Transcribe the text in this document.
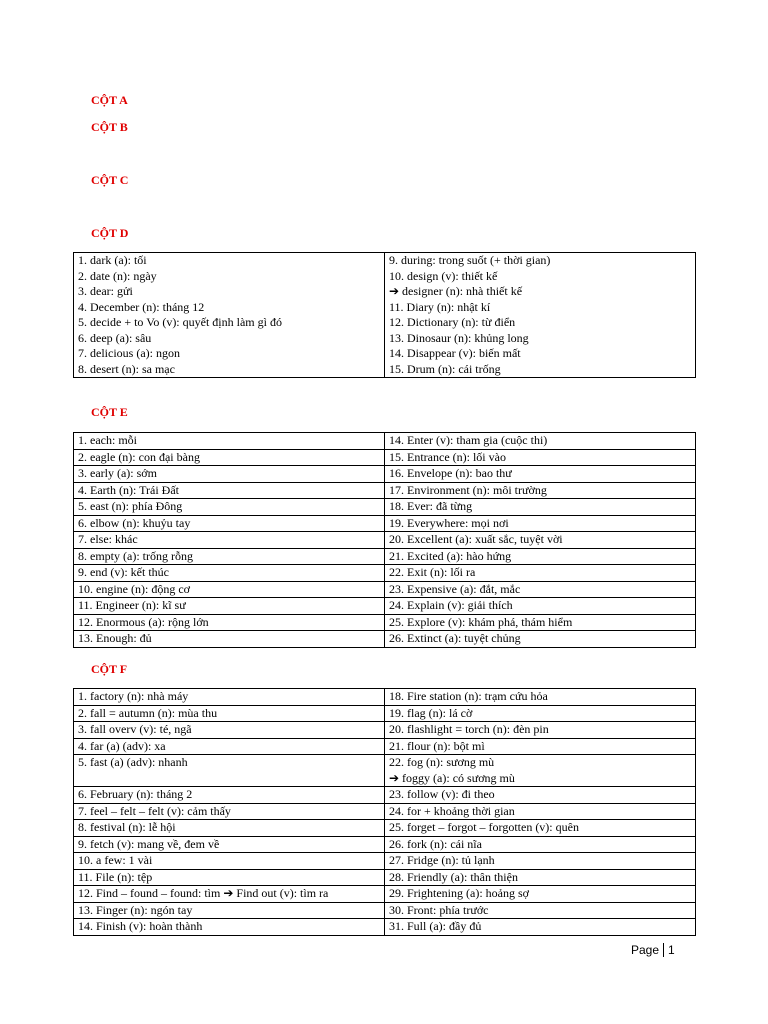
CỘT A

CỘT B

CỘT C

CỘT D

1. dark (a): tối
2. date (n): ngày
3. dear: gửi
4. December (n): tháng 12
5. decide + to Vo (v): quyết định làm gì đó
6. deep (a): sâu
7. delicious (a): ngon
8. desert (n): sa mạc

9. during: trong suốt (+ thời gian)
10. design (v): thiết kế
➔ designer (n): nhà thiết kế
11. Diary (n): nhật kí
12. Dictionary (n): từ điển
13. Dinosaur (n): khủng long
14. Disappear (v): biến mất
15. Drum (n): cái trống

CỘT E

1. each: mỗi	14. Enter (v): tham gia (cuộc thi)

2. eagle (n): con đại bàng	15. Entrance (n): lối vào

3. early (a): sớm	16. Envelope (n): bao thư

4. Earth (n): Trái Đất	17. Environment (n): môi trường

5. east (n): phía Đông	18. Ever: đã từng

6. elbow (n): khuỷu tay	19. Everywhere: mọi nơi

7. else: khác	20. Excellent (a): xuất sắc, tuyệt vời

8. empty (a): trống rỗng	21. Excited (a): hào hứng

9. end (v): kết thúc	22. Exit (n): lối ra

10. engine (n): động cơ	23. Expensive (a): đắt, mắc

11. Engineer (n): kĩ sư	24. Explain (v): giải thích

12. Enormous (a): rộng lớn	25. Explore (v): khám phá, thám hiểm

13. Enough: đủ	26. Extinct (a): tuyệt chủng

CỘT F

1. factory (n): nhà máy	18. Fire station (n): trạm cứu hỏa

2. fall = autumn (n): mùa thu	19. flag (n): lá cờ

3. fall overv (v): té, ngã	20. flashlight = torch (n): đèn pin

4. far (a) (adv): xa	21. flour (n): bột mì

5. fast (a) (adv): nhanh	22. fog (n): sương mù
➔ foggy (a): có sương mù

6. February (n): tháng 2	23. follow (v): đi theo

7. feel – felt – felt (v): cảm thấy	24. for + khoảng thời gian

8. festival (n): lễ hội	25. forget – forgot – forgotten (v): quên

9. fetch (v): mang về, đem về	26. fork (n): cái nĩa

10. a few: 1 vài	27. Fridge (n): tủ lạnh

11. File (n): tệp	28. Friendly (a): thân thiện

12. Find – found – found: tìm ➔ Find out (v): tìm ra	29. Frightening (a): hoảng sợ

13. Finger (n): ngón tay	30. Front: phía trước

14. Finish (v): hoàn thành	31. Full (a): đầy đủ
Page 1
